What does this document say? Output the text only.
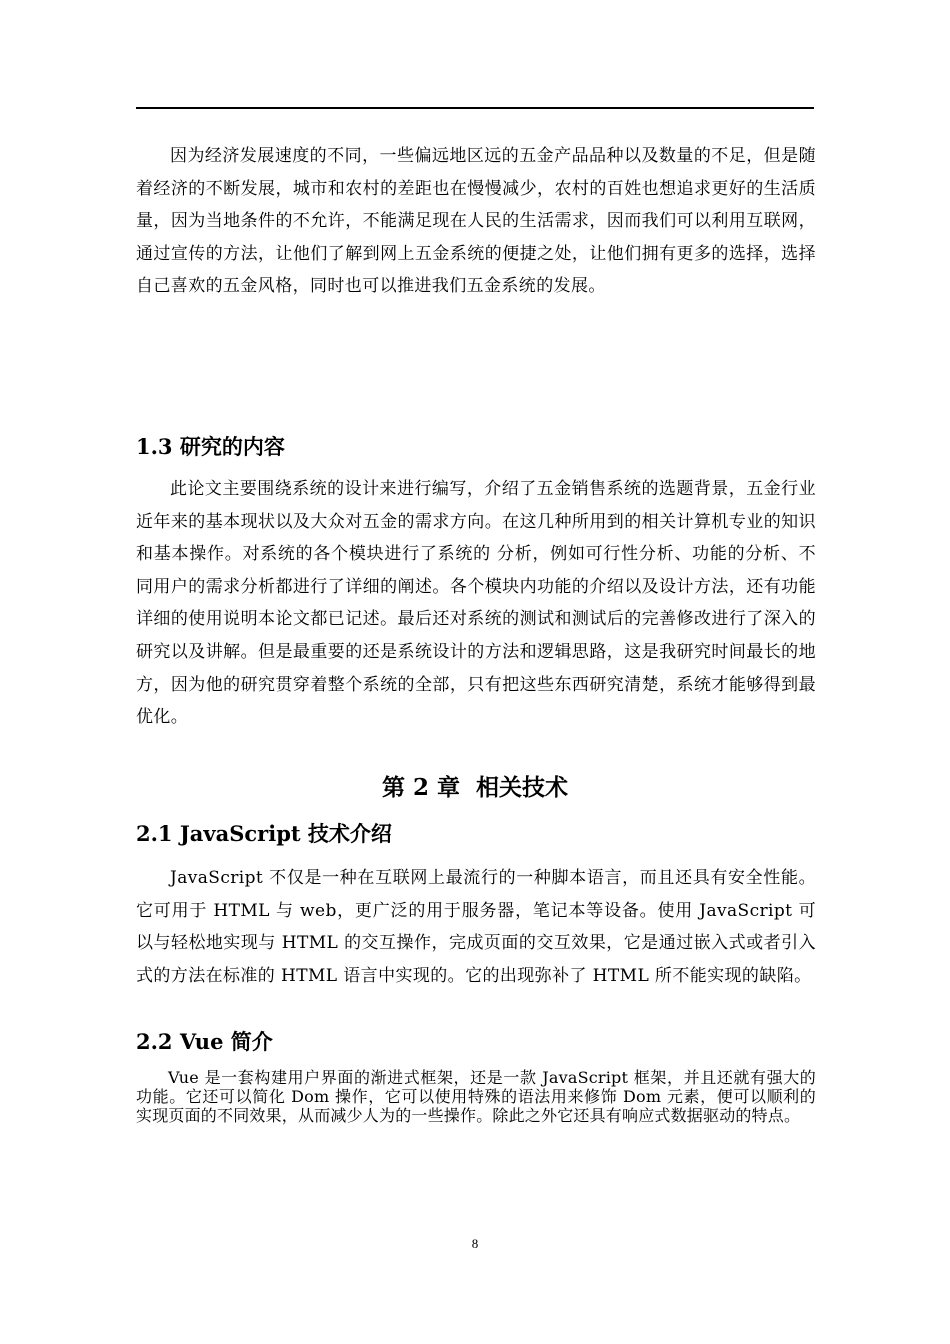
因为经济发展速度的不同，一些偏远地区远的五金产品品种以及数量的不足，但是随着经济的不断发展，城市和农村的差距也在慢慢减少，农村的百姓也想追求更好的生活质量，因为当地条件的不允许，不能满足现在人民的生活需求，因而我们可以利用互联网，通过宣传的方法，让他们了解到网上五金系统的便捷之处，让他们拥有更多的选择，选择自己喜欢的五金风格，同时也可以推进我们五金系统的发展。

1.3 研究的内容

此论文主要围绕系统的设计来进行编写，介绍了五金销售系统的选题背景，五金行业近年来的基本现状以及大众对五金的需求方向。在这几种所用到的相关计算机专业的知识和基本操作。对系统的各个模块进行了系统的 分析，例如可行性分析、功能的分析、不同用户的需求分析都进行了详细的阐述。各个模块内功能的介绍以及设计方法，还有功能详细的使用说明本论文都已记述。最后还对系统的测试和测试后的完善修改进行了深入的研究以及讲解。但是最重要的还是系统设计的方法和逻辑思路，这是我研究时间最长的地方，因为他的研究贯穿着整个系统的全部，只有把这些东西研究清楚，系统才能够得到最优化。

第 2 章  相关技术
2.1 JavaScript 技术介绍

JavaScript 不仅是一种在互联网上最流行的一种脚本语言，而且还具有安全性能。它可用于 HTML 与 web，更广泛的用于服务器，笔记本等设备。使用 JavaScript 可以与轻松地实现与 HTML 的交互操作，完成页面的交互效果，它是通过嵌入式或者引入式的方法在标准的 HTML 语言中实现的。它的出现弥补了 HTML 所不能实现的缺陷。

2.2 Vue 简介

Vue 是一套构建用户界面的渐进式框架，还是一款 JavaScript 框架，并且还就有强大的功能。它还可以简化 Dom 操作，它可以使用特殊的语法用来修饰 Dom 元素，便可以顺利的实现页面的不同效果，从而减少人为的一些操作。除此之外它还具有响应式数据驱动的特点。

8
